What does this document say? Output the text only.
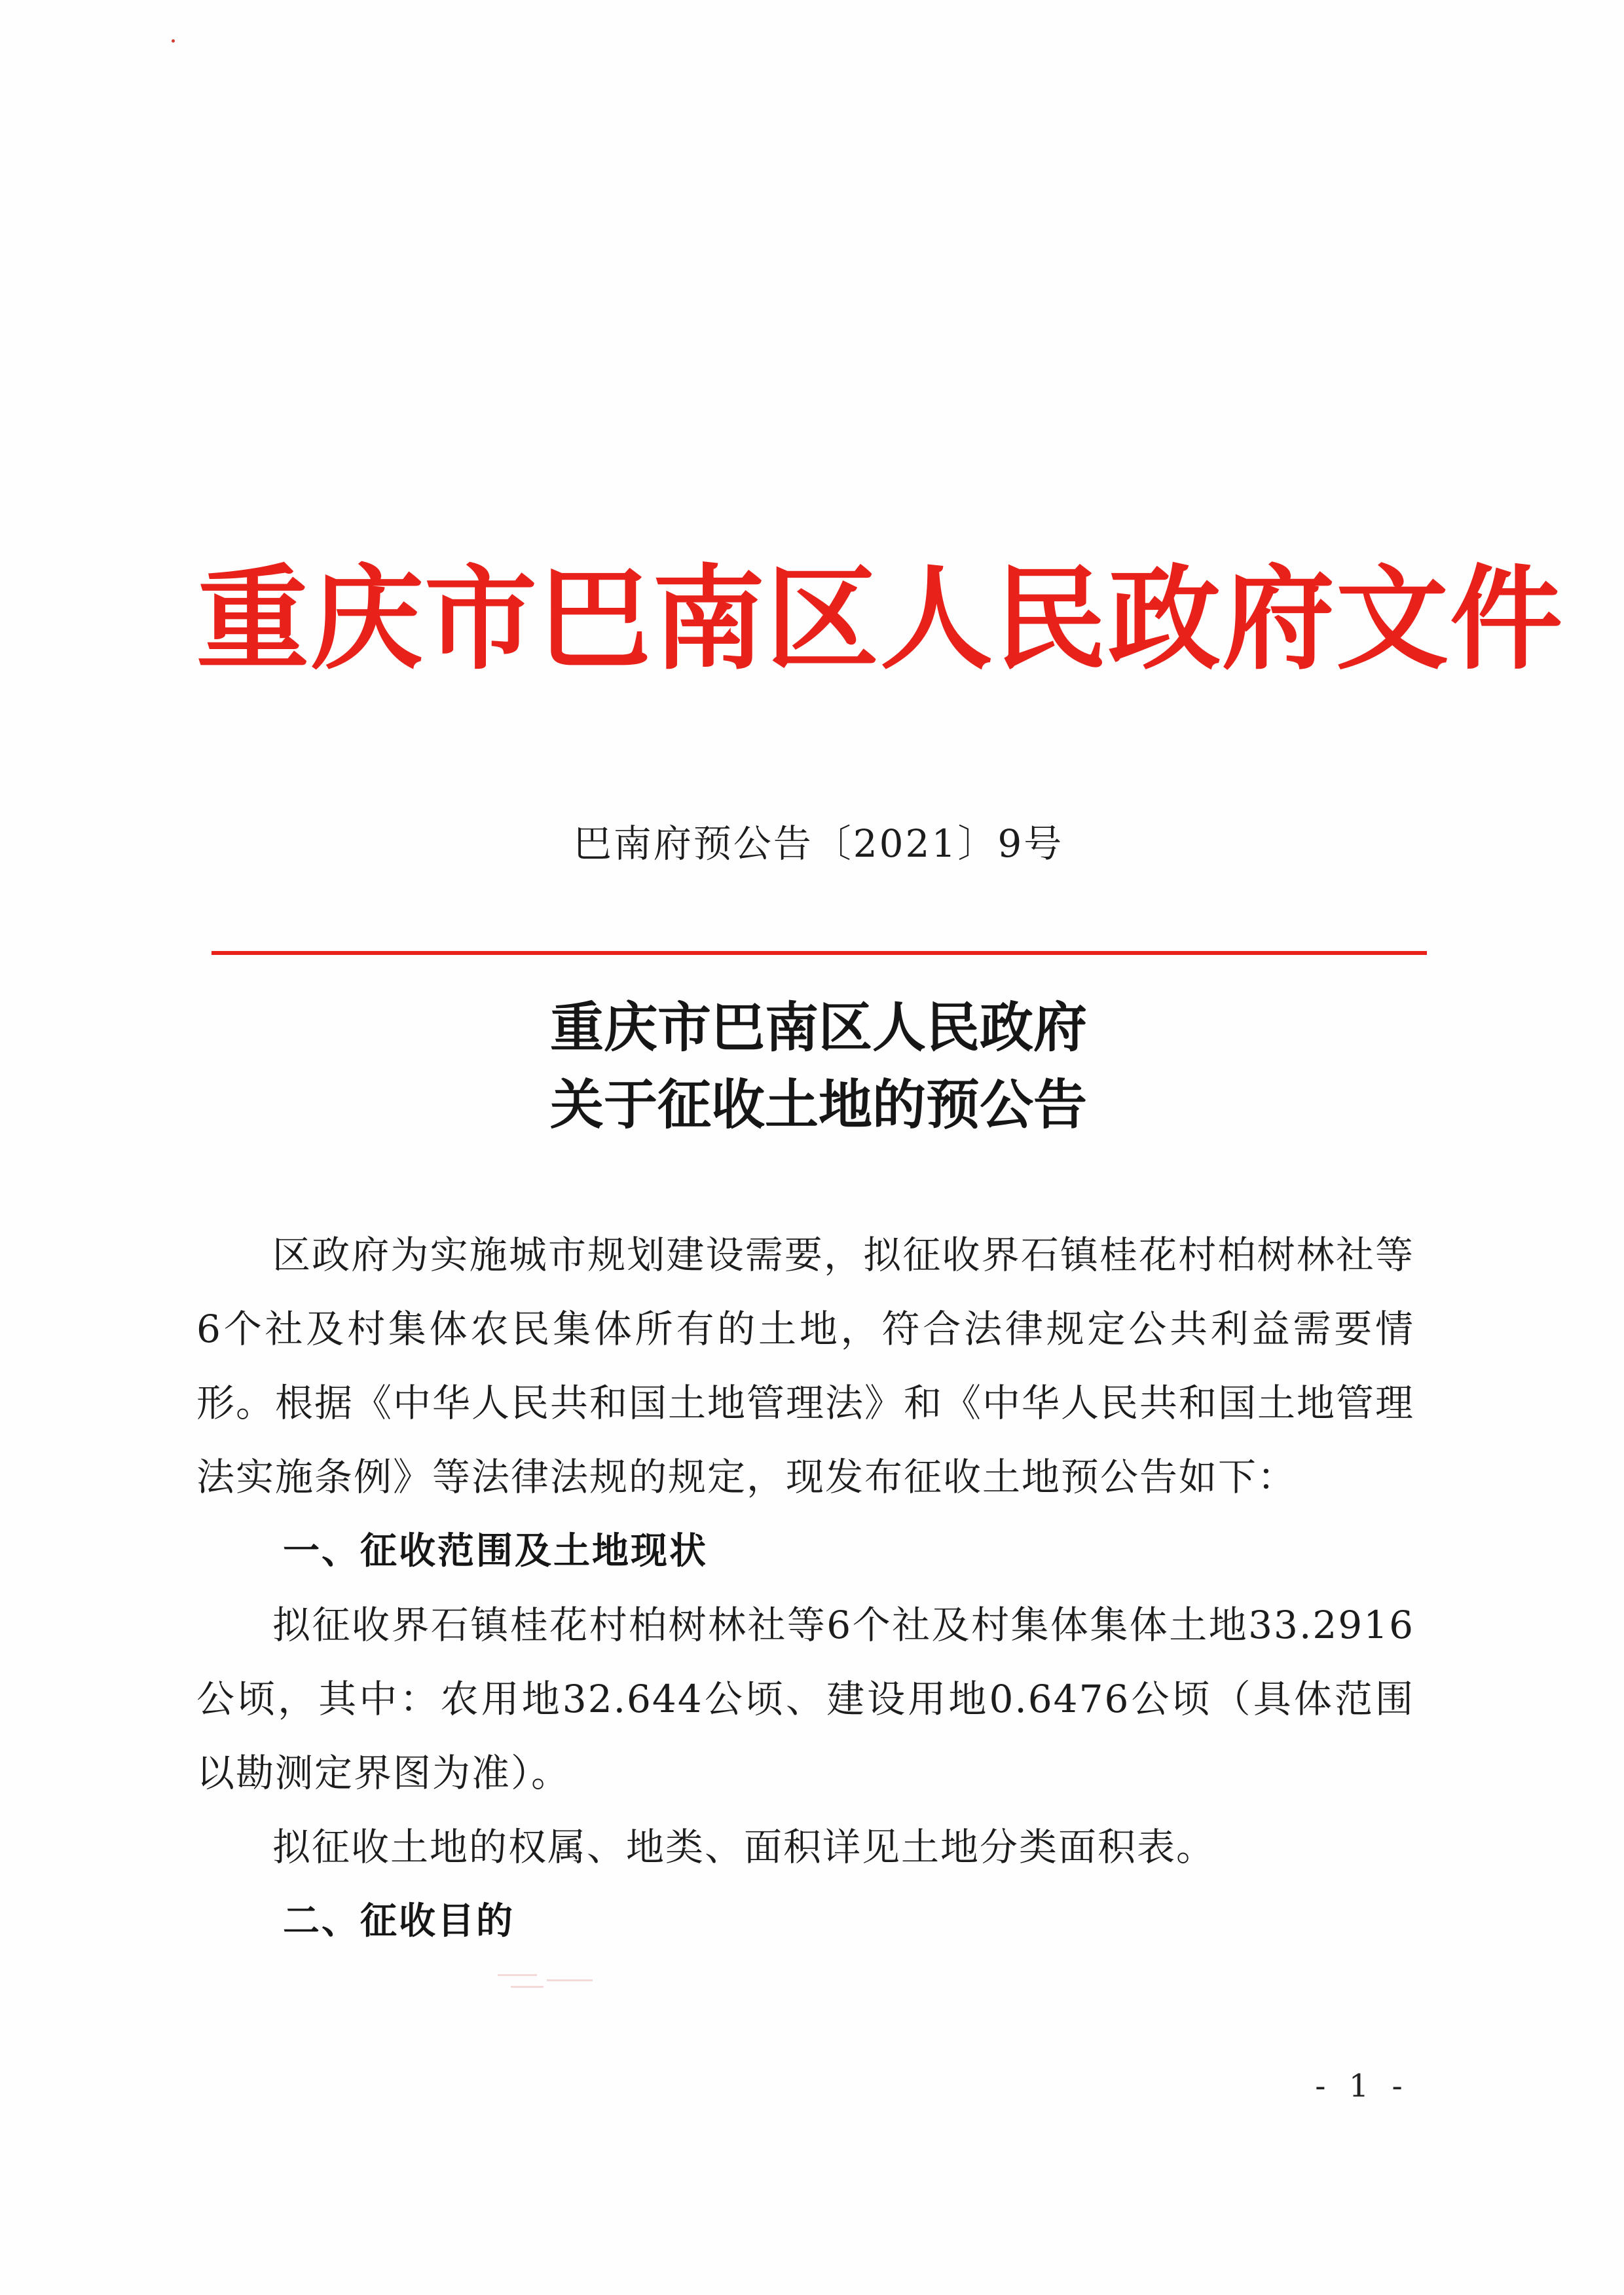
重庆市巴南区人民政府文件
巴南府预公告〔2021〕9号
重庆市巴南区人民政府
关于征收土地的预公告

区政府为实施城市规划建设需要，拟征收界石镇桂花村柏树林社等6个社及村集体农民集体所有的土地，符合法律规定公共利益需要情形。根据《中华人民共和国土地管理法》和《中华人民共和国土地管理法实施条例》等法律法规的规定，现发布征收土地预公告如下：

一、征收范围及土地现状

拟征收界石镇桂花村柏树林社等6个社及村集体集体土地33.2916公顷，其中：农用地32.644公顷、建设用地0.6476公顷（具体范围以勘测定界图为准）。

拟征收土地的权属、地类、面积详见土地分类面积表。

二、征收目的
- 1 -
